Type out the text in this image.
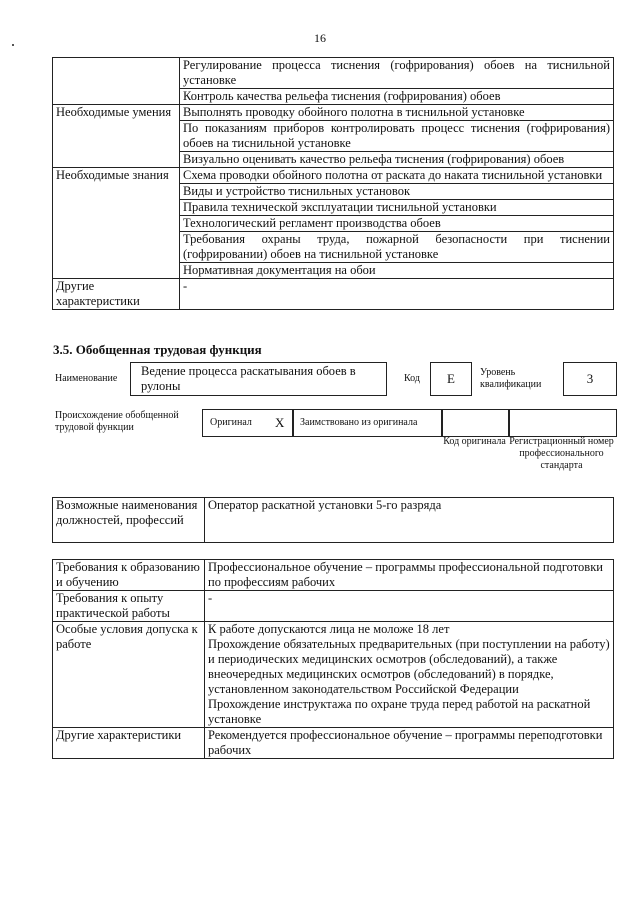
16
	Регулирование процесса тиснения (гофрирования) обоев на тиснильной установке
	Контроль качества рельефа тиснения (гофрирования) обоев
Необходимые умения	Выполнять проводку обойного полотна в тиснильной установке
	По показаниям приборов контролировать процесс тиснения (гофрирования) обоев на тиснильной установке
	Визуально оценивать качество рельефа тиснения (гофрирования) обоев
Необходимые знания	Схема проводки обойного полотна от раската до наката тиснильной установки
	Виды и устройство тиснильных установок
	Правила технической эксплуатации тиснильной установки
	Технологический регламент производства обоев
	Требования охраны труда, пожарной безопасности при тиснении (гофрировании) обоев на тиснильной установке
	Нормативная документация на обои
Другие характеристики	-
3.5. Обобщенная трудовая функция
Наименование
Ведение процесса раскатывания обоев в рулоны
Код	E	Уровень квалификации	3
Происхождение обобщенной трудовой функции	Оригинал X Заимствовано из оригинала
Код оригинала Регистрационный номер профессионального стандарта
Возможные наименования должностей, профессий	Оператор раскатной установки 5-го разряда
Требования к образованию и обучению	Профессиональное обучение – программы профессиональной подготовки по профессиям рабочих
Требования к опыту практической работы	-
Особые условия допуска к работе	К работе допускаются лица не моложе 18 лет
Прохождение обязательных предварительных (при поступлении на работу) и периодических медицинских осмотров (обследований), а также внеочередных медицинских осмотров (обследований) в порядке, установленном законодательством Российской Федерации
Прохождение инструктажа по охране труда перед работой на раскатной установке

Другие характеристики	Рекомендуется профессиональное обучение – программы переподготовки рабочих
